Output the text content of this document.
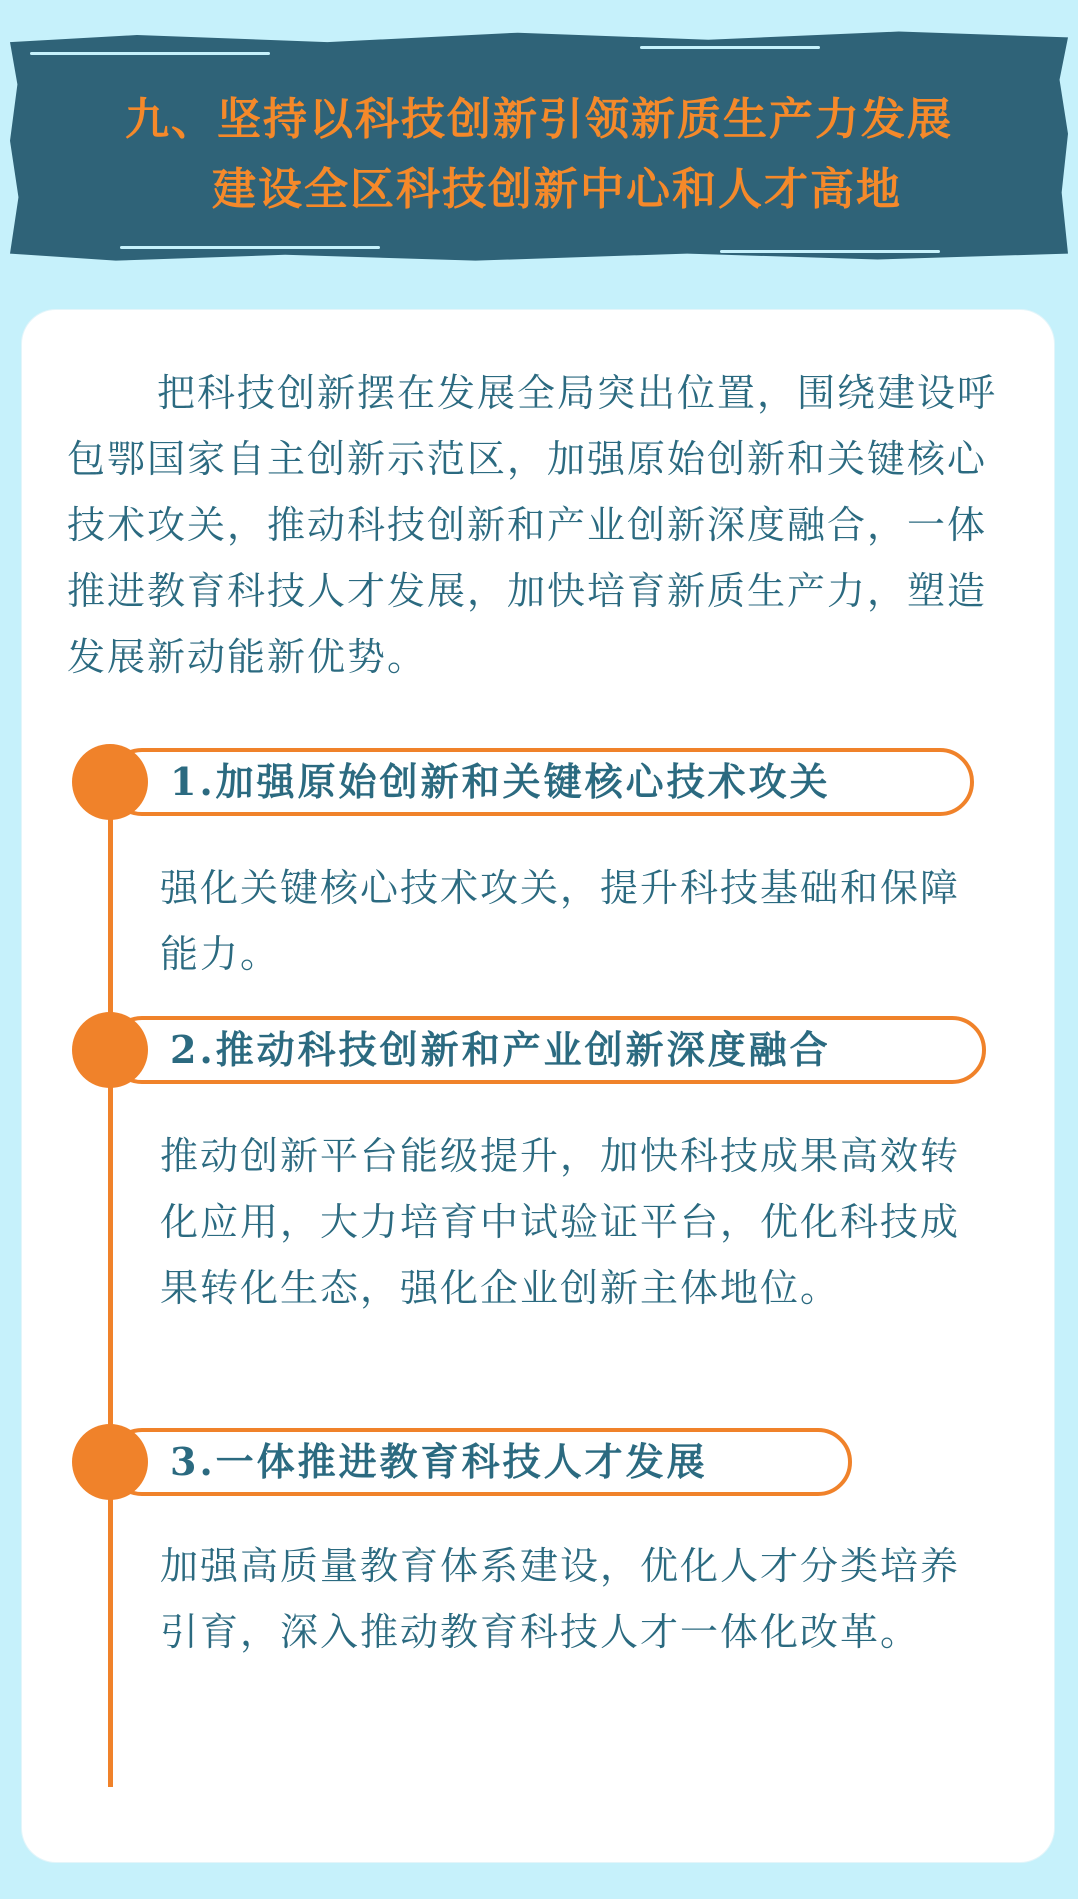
九、坚持以科技创新引领新质生产力发展
建设全区科技创新中心和人才高地

把科技创新摆在发展全局突出位置，围绕建设呼包鄂国家自主创新示范区，加强原始创新和关键核心技术攻关，推动科技创新和产业创新深度融合，一体推进教育科技人才发展，加快培育新质生产力，塑造发展新动能新优势。

1.加强原始创新和关键核心技术攻关

强化关键核心技术攻关，提升科技基础和保障能力。

2.推动科技创新和产业创新深度融合

推动创新平台能级提升，加快科技成果高效转化应用，大力培育中试验证平台，优化科技成果转化生态，强化企业创新主体地位。

3.一体推进教育科技人才发展

加强高质量教育体系建设，优化人才分类培养引育，深入推动教育科技人才一体化改革。
